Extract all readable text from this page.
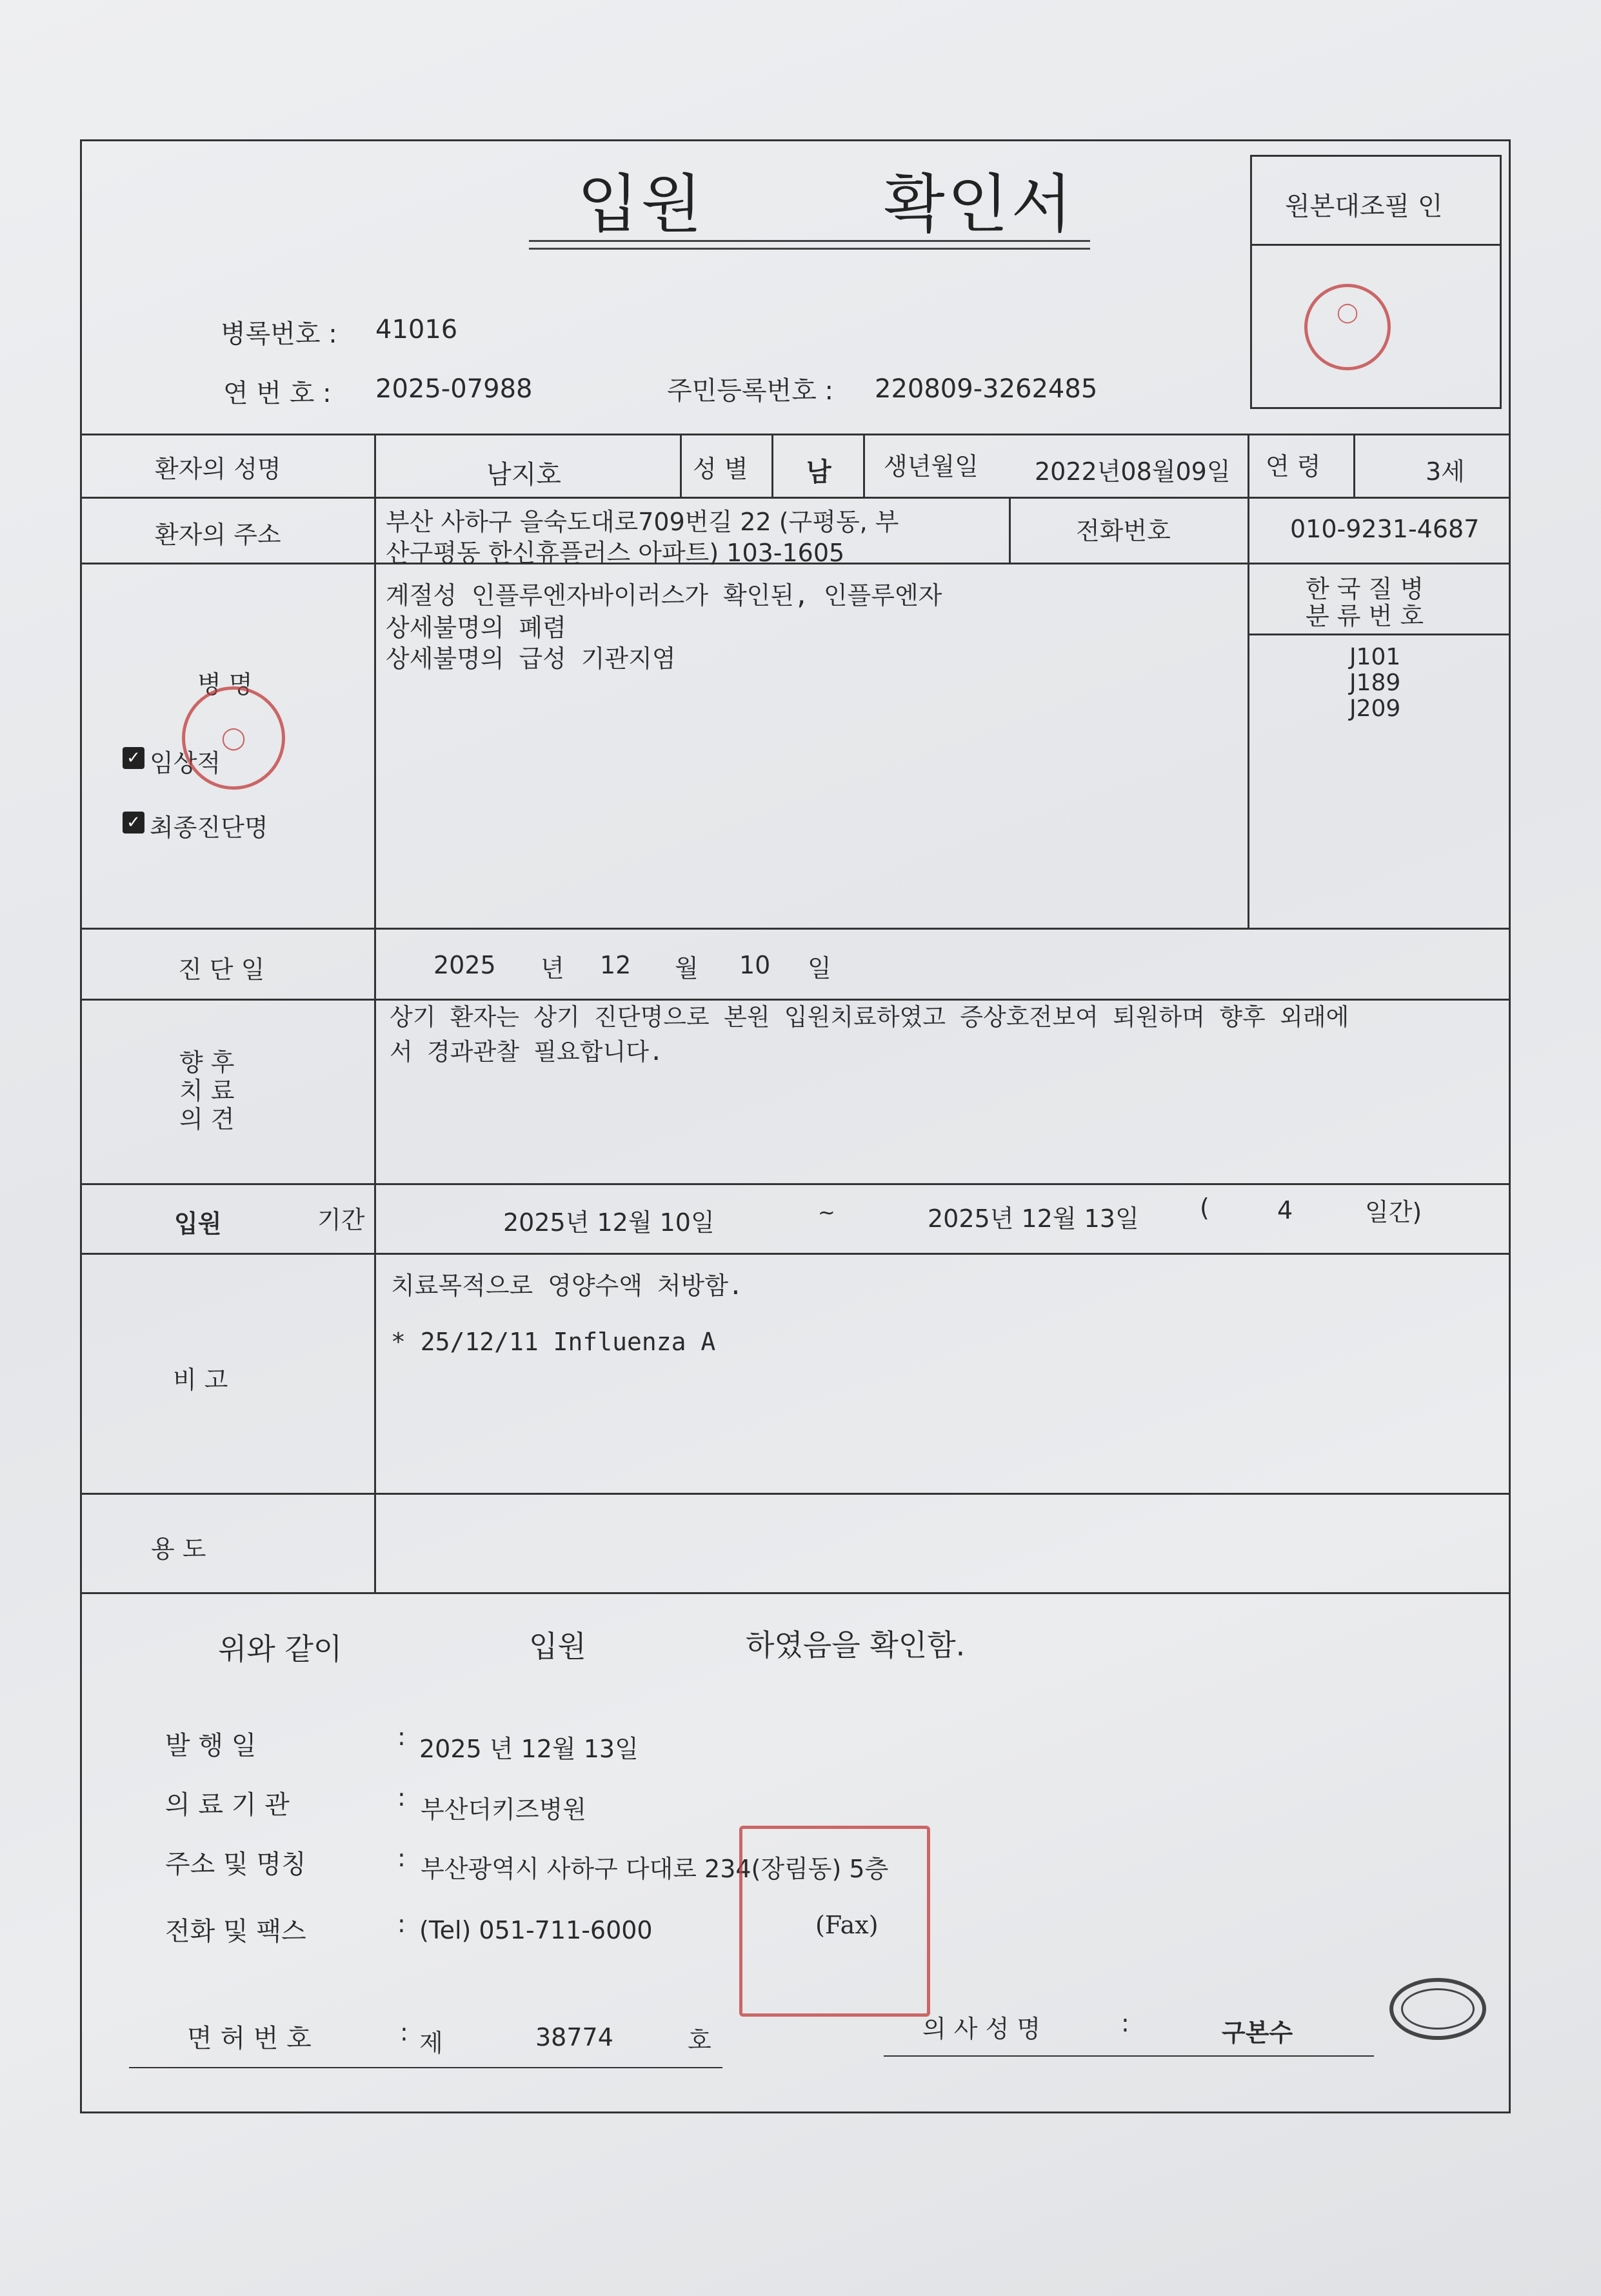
입원	확인서	원본대조필 인
◯
병록번호 : 41016
연 번 호 : 2025-07988	주민등록번호 : 220809-3262485
환자의 성명	남지호	성 별 남 생년월일 2022년08월09일 연 령	3세
환자의 주소	부산 사하구 을숙도대로709번길 22 (구평동, 부
산구평동 한신휴플러스 아파트) 103-1605
전화번호	010-9231-4687
병 명
✓ 임상적
✓ 최종진단명
◯
계절성 인플루엔자바이러스가 확인된, 인플루엔자
상세불명의 폐렴
상세불명의 급성 기관지염
한 국 질 병
분 류 번 호
J101
J189
J209
진 단 일	2025 년 12 월 10 일
향 후
치 료
의 견
상기 환자는 상기 진단명으로 본원 입원치료하였고 증상호전보여 퇴원하며 향후 외래에
서 경과관찰 필요합니다.
입원	기간	2025년 12월 10일	~	2025년 12월 13일 (	4	일간)
비 고
치료목적으로 영양수액 처방함.
* 25/12/11 Influenza A
용 도
위와 같이	입원	하였음을 확인함.
발 행 일	: 2025 년 12월 13일
의 료 기 관	: 부산더키즈병원
주소 및 명칭	: 부산광역시 사하구 다대로 234(장림동) 5층
전화 및 팩스	: (Tel) 051-711-6000	(Fax)
면 허 번 호	: 제	38774	호	의 사 성 명	:	구본수
